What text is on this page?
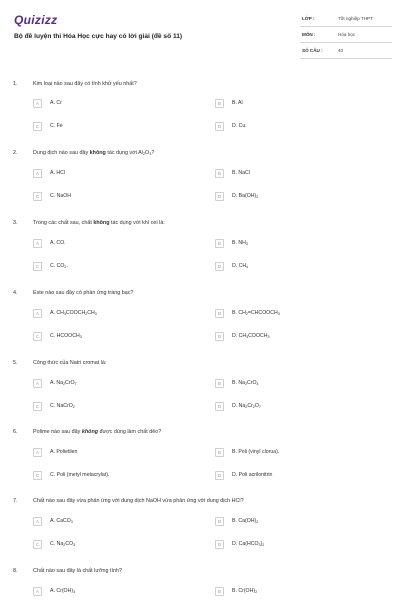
Quizizz
Bộ đề luyện thi Hóa Học cực hay có lời giải (đề số 11)
LỚP :	Tốt nghiệp THPT
MÔN :	Hóa học
SỐ CÂU :	40
1.	Kim loại nào sau đây có tính khử yếu nhất?
A	A. Cr	B	B. Al
C	C. Fe	D	D. Cu.
2.	Dung dịch nào sau đây không tác dụng với $Al_2O_3$?
A	A. HCl	B	B. NaCl
C	C. NaOH	D	D. $Ba(OH)_2$
3.	Trong các chất sau, chất không tác dụng với khí oxi là:
A	A. CO.	B	B. $NH_3$
C	C. $CO_2$.	D	D. $CH_4$
4.	Este nào sau đây có phản ứng tráng bạc?
A	A. $CH_3COOCH_2CH_3$	B	B. $CH_2=CHCOOCH_3$
C	C. $HCOOCH_3$	D	D. $CH_3COOCH_3$
5.	Công thức của Natri cromat là:
A	A. $Na_2CrO_7$	B	B. $Na_2CrO_4$
C	C. NaCrO$_2$	D	D. $Na_2Cr_2O_7$
6.	Polime nào sau đây không được dùng làm chất dẻo?
A	A. Polietilen	B	B. Poli (vinyl clorua).
C	C. Poli (metyl metacrylat).	D	D. Poli acrilonitrin
7.	Chất nào sau đây vừa phản ứng với dung dịch NaOH vừa phản ứng với dung dịch HCl?
A	A. CaCO$_3$	B	B. $Ca(OH)_2$
C	C. $Na_2CO_3$	D	D. $Ca(HCO_3)_2$
8.	Chất nào sau đây là chất lưỡng tính?
A	A. $Cr(OH)_3$	B	B. $Cr(OH)_2$
